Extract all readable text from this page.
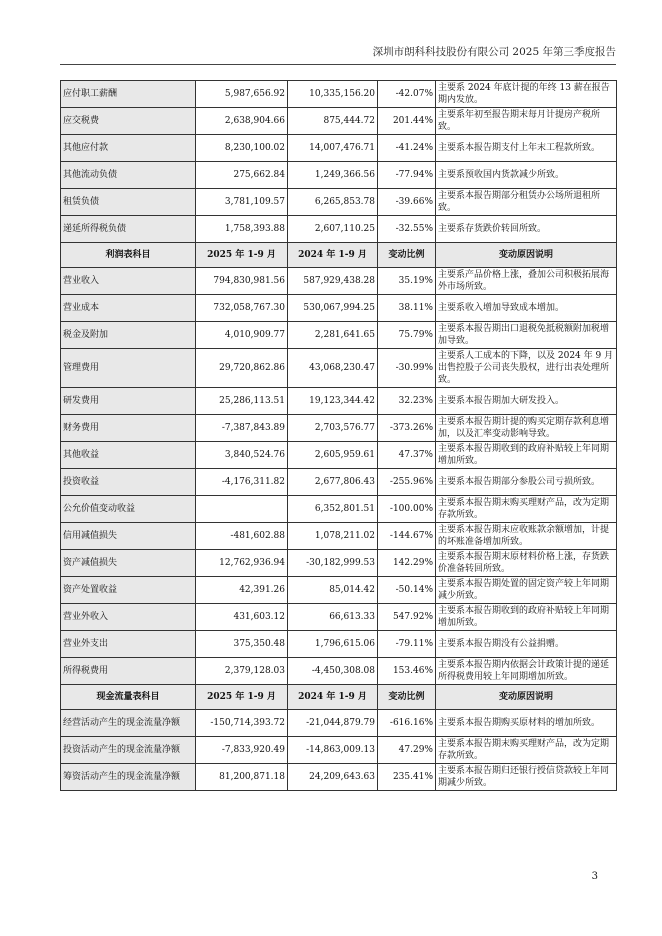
深圳市朗科科技股份有限公司 2025 年第三季度报告
应付职工薪酬	5,987,656.92	10,335,156.20	-42.07%	主要系 2024 年底计提的年终 13 薪在报告期内发放。
应交税费	2,638,904.66	875,444.72	201.44%	主要系年初至报告期末每月计提房产税所致。
其他应付款	8,230,100.02	14,007,476.71	-41.24%	主要系本报告期支付上年末工程款所致。
其他流动负债	275,662.84	1,249,366.56	-77.94%	主要系预收国内货款减少所致。
租赁负债	3,781,109.57	6,265,853.78	-39.66%	主要系本报告期部分租赁办公场所退租所致。
递延所得税负债	1,758,393.88	2,607,110.25	-32.55%	主要系存货跌价转回所致。
利润表科目	2025 年 1-9 月	2024 年 1-9 月	变动比例	变动原因说明
营业收入	794,830,981.56	587,929,438.28	35.19%	主要系产品价格上涨，叠加公司积极拓展海外市场所致。
营业成本	732,058,767.30	530,067,994.25	38.11%	主要系收入增加导致成本增加。
税金及附加	4,010,909.77	2,281,641.65	75.79%	主要系本报告期出口退税免抵税额附加税增加导致。
管理费用	29,720,862.86	43,068,230.47	-30.99%	主要系人工成本的下降，以及 2024 年 9 月出售控股子公司丧失股权，进行出表处理所致。
研发费用	25,286,113.51	19,123,344.42	32.23%	主要系本报告期加大研发投入。
财务费用	-7,387,843.89	2,703,576.77	-373.26%	主要系本报告期计提的购买定期存款利息增加，以及汇率变动影响导致。
其他收益	3,840,524.76	2,605,959.61	47.37%	主要系本报告期收到的政府补贴较上年同期增加所致。
投资收益	-4,176,311.82	2,677,806.43	-255.96%	主要系本报告期部分参股公司亏损所致。
公允价值变动收益		6,352,801.51	-100.00%	主要系本报告期末购买理财产品，改为定期存款所致。
信用减值损失	-481,602.88	1,078,211.02	-144.67%	主要系本报告期末应收账款余额增加，计提的坏账准备增加所致。
资产减值损失	12,762,936.94	-30,182,999.53	142.29%	主要系本报告期末原材料价格上涨，存货跌价准备转回所致。
资产处置收益	42,391.26	85,014.42	-50.14%	主要系本报告期处置的固定资产较上年同期减少所致。
营业外收入	431,603.12	66,613.33	547.92%	主要系本报告期收到的政府补贴较上年同期增加所致。
营业外支出	375,350.48	1,796,615.06	-79.11%	主要系本报告期没有公益捐赠。
所得税费用	2,379,128.03	-4,450,308.08	153.46%	主要系本报告期内依据会计政策计提的递延所得税费用较上年同期增加所致。
现金流量表科目	2025 年 1-9 月	2024 年 1-9 月	变动比例	变动原因说明
经营活动产生的现金流量净额	-150,714,393.72	-21,044,879.79	-616.16%	主要系本报告期购买原材料的增加所致。
投资活动产生的现金流量净额	-7,833,920.49	-14,863,009.13	47.29%	主要系本报告期末购买理财产品，改为定期存款所致。
筹资活动产生的现金流量净额	81,200,871.18	24,209,643.63	235.41%	主要系本报告期归还银行授信贷款较上年同期减少所致。
3
